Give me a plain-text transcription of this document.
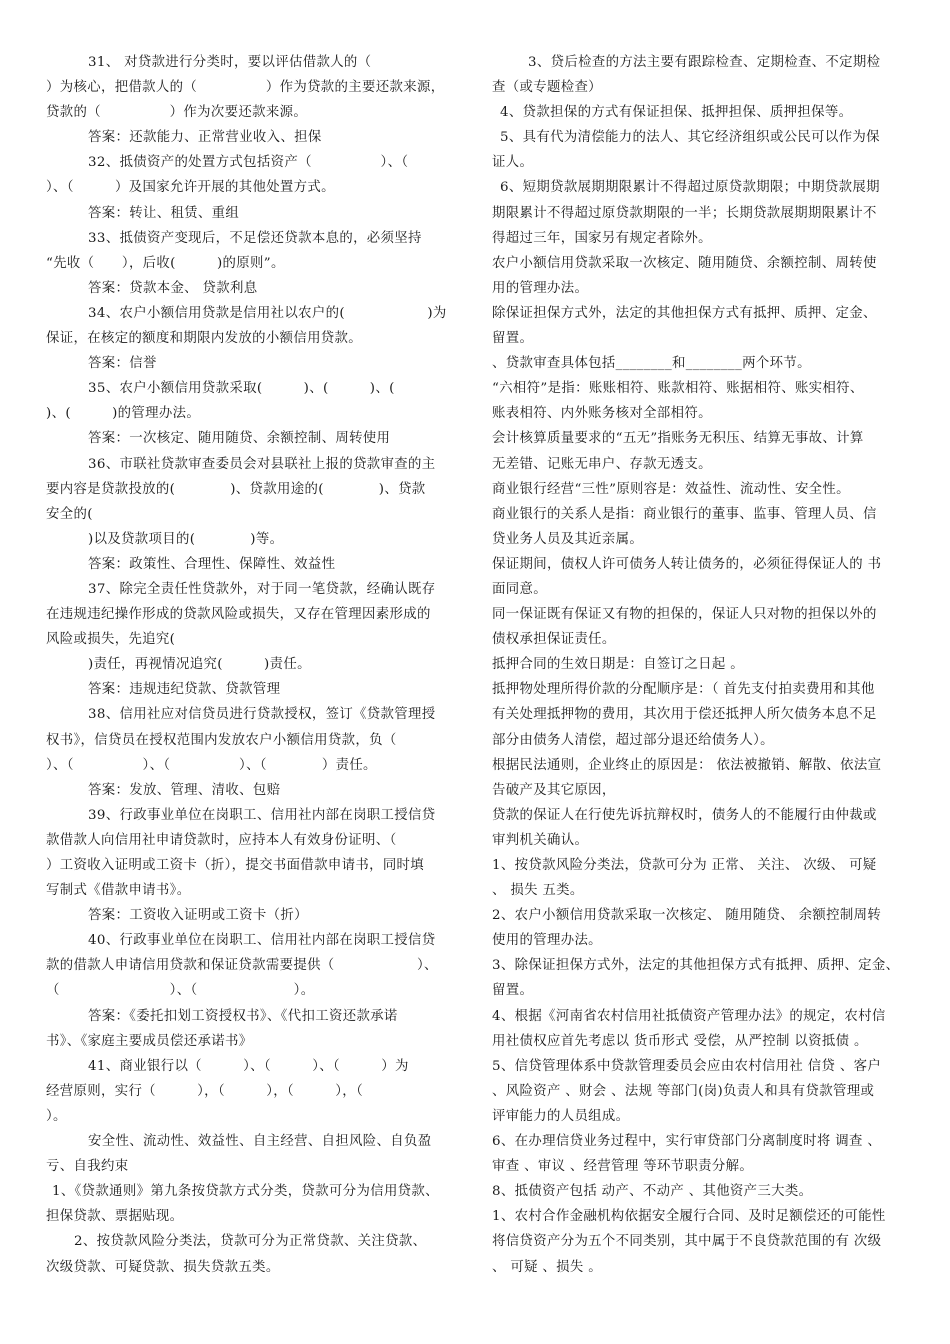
31、 对贷款进行分类时，要以评估借款人的（
）为核心，把借款人的（　　　　　）作为贷款的主要还款来源，
贷款的（　　　　　）作为次要还款来源。
答案：还款能力、正常营业收入、担保
32、抵债资产的处置方式包括资产（　　　　　）、（
）、（　　　）及国家允许开展的其他处置方式。
答案：转让、租赁、重组
33、抵债资产变现后，不足偿还贷款本息的，必须坚持
“先收（　　），后收(　　　)的原则”。
答案：贷款本金、 贷款利息
34、农户小额信用贷款是信用社以农户的(　　　　　　)为
保证，在核定的额度和期限内发放的小额信用贷款。
答案：信誉
35、农户小额信用贷款采取(　　　)、(　　　)、(
)、(　　　)的管理办法。
答案：一次核定、随用随贷、余额控制、周转使用
36、市联社贷款审查委员会对县联社上报的贷款审查的主
要内容是贷款投放的(　　　　)、贷款用途的(　　　　)、贷款
安全的(
)以及贷款项目的(　　　　)等。
答案：政策性、合理性、保障性、效益性
37、除完全责任性贷款外，对于同一笔贷款，经确认既存
在违规违纪操作形成的贷款风险或损失，又存在管理因素形成的
风险或损失，先追究(
)责任，再视情况追究(　　　)责任。
答案：违规违纪贷款、贷款管理
38、信用社应对信贷员进行贷款授权，签订《贷款管理授
权书》，信贷员在授权范围内发放农户小额信用贷款，负（
）、（　　　　　）、（　　　　　）、（　　　　）责任。
答案：发放、管理、清收、包赔
39、行政事业单位在岗职工、信用社内部在岗职工授信贷
款借款人向信用社申请贷款时，应持本人有效身份证明、（
）工资收入证明或工资卡（折），提交书面借款申请书，同时填
写制式《借款申请书》。
答案：工资收入证明或工资卡（折）
40、行政事业单位在岗职工、信用社内部在岗职工授信贷
款的借款人申请信用贷款和保证贷款需要提供（　　　　　　）、
（　　　　　　　　）、（　　　　　　　）。
答案：《委托扣划工资授权书》、《代扣工资还款承诺
书》、《家庭主要成员偿还承诺书》
41、商业银行以（　　　）、（　　　）、（　　　）为
经营原则，实行（　　　），（　　　），（　　　），（
）。
安全性、流动性、效益性、自主经营、自担风险、自负盈
亏、自我约束
1、《贷款通则》第九条按贷款方式分类，贷款可分为信用贷款、
担保贷款、票据贴现。
2、按贷款风险分类法，贷款可分为正常贷款、关注贷款、
次级贷款、可疑贷款、损失贷款五类。
3、贷后检查的方法主要有跟踪检查、定期检查、不定期检
查（或专题检查）
4、贷款担保的方式有保证担保、抵押担保、质押担保等。
5、具有代为清偿能力的法人、其它经济组织或公民可以作为保
证人。
6、短期贷款展期期限累计不得超过原贷款期限；中期贷款展期
期限累计不得超过原贷款期限的一半；长期贷款展期期限累计不
得超过三年，国家另有规定者除外。
农户小额信用贷款采取一次核定、随用随贷、余额控制、周转使
用的管理办法。
除保证担保方式外，法定的其他担保方式有抵押、质押、定金、
留置。
、贷款审查具体包括________和________两个环节。
“六相符”是指：账账相符、账款相符、账据相符、账实相符、
账表相符、内外账务核对全部相符。
会计核算质量要求的“五无”指账务无积压、结算无事故、计算
无差错、记账无串户、存款无透支。
商业银行经营“三性”原则容是：效益性、流动性、安全性。
商业银行的关系人是指：商业银行的董事、监事、管理人员、信
贷业务人员及其近亲属。
保证期间，债权人许可债务人转让债务的，必须征得保证人的 书
面同意。
同一保证既有保证又有物的担保的，保证人只对物的担保以外的
债权承担保证责任。
抵押合同的生效日期是：自签订之日起 。
抵押物处理所得价款的分配顺序是：（ 首先支付拍卖费用和其他
有关处理抵押物的费用，其次用于偿还抵押人所欠债务本息不足
部分由债务人清偿，超过部分退还给债务人）。
根据民法通则，企业终止的原因是： 依法被撤销、解散、依法宣
告破产及其它原因，
贷款的保证人在行使先诉抗辩权时，债务人的不能履行由仲裁或
审判机关确认。
1、按贷款风险分类法，贷款可分为 正常、 关注、 次级、 可疑
、 损失 五类。
2、农户小额信用贷款采取一次核定、 随用随贷、 余额控制周转
使用的管理办法。
3、除保证担保方式外，法定的其他担保方式有抵押、质押、定金、
留置。
4、根据《河南省农村信用社抵债资产管理办法》的规定，农村信
用社债权应首先考虑以 货币形式 受偿，从严控制 以资抵债 。
5、信贷管理体系中贷款管理委员会应由农村信用社 信贷 、客户
、风险资产 、财会 、法规 等部门(岗)负责人和具有贷款管理或
评审能力的人员组成。
6、在办理信贷业务过程中，实行审贷部门分离制度时将 调查 、
审查 、审议 、经营管理 等环节职责分解。
8、抵债资产包括 动产、不动产 、其他资产三大类。
1、农村合作金融机构依据安全履行合同、及时足额偿还的可能性
将信贷资产分为五个不同类别，其中属于不良贷款范围的有 次级
、 可疑 、损失 。
